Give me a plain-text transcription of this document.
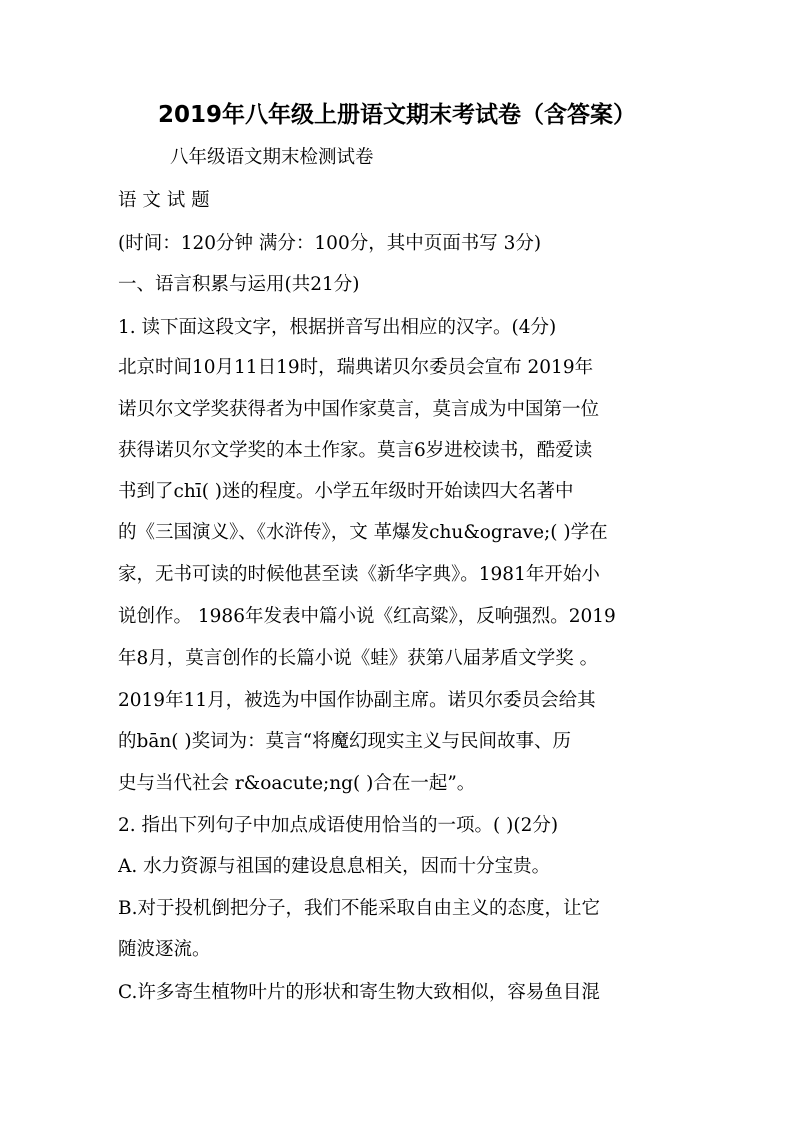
2019年八年级上册语文期末考试卷（含答案）
八年级语文期末检测试卷
语 文 试 题
(时间：120分钟 满分：100分，其中页面书写 3分)
一、语言积累与运用(共21分)
1. 读下面这段文字，根据拼音写出相应的汉字。(4分)
北京时间10月11日19时，瑞典诺贝尔委员会宣布 2019年
诺贝尔文学奖获得者为中国作家莫言，莫言成为中国第一位
获得诺贝尔文学奖的本土作家。莫言6岁进校读书，酷爱读
书到了chī( )迷的程度。小学五年级时开始读四大名著中
的《三国演义》、《水浒传》，文 革爆发chu&ograve;( )学在
家，无书可读的时候他甚至读《新华字典》。1981年开始小
说创作。 1986年发表中篇小说《红高粱》，反响强烈。2019
年8月，莫言创作的长篇小说《蛙》获第八届茅盾文学奖 。
2019年11月，被选为中国作协副主席。诺贝尔委员会给其
的bān( )奖词为：莫言“将魔幻现实主义与民间故事、历
史与当代社会 r&oacute;ng( )合在一起”。
2. 指出下列句子中加点成语使用恰当的一项。( )(2分)
A. 水力资源与祖国的建设息息相关，因而十分宝贵。
B.对于投机倒把分子，我们不能采取自由主义的态度，让它
随波逐流。
C.许多寄生植物叶片的形状和寄生物大致相似，容易鱼目混
